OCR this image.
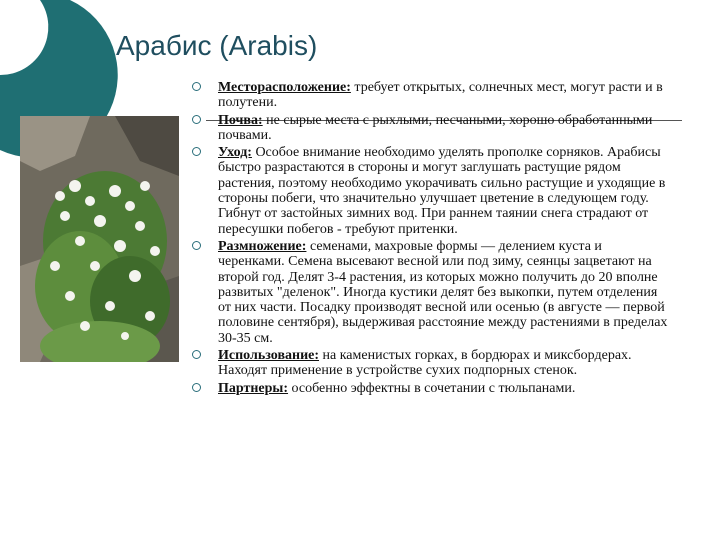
Арабис (Arabis)
Месторасположение: требует открытых, солнечных мест, могут расти и в полутени.
Почва: не сырые места с рыхлыми, песчаными, хорошо обработанными почвами.
Уход: Особое внимание необходимо уделять прополке сорняков. Арабисы быстро разрастаются в стороны и могут заглушать растущие рядом растения, поэтому необходимо укорачивать сильно растущие и уходящие в стороны побеги, что значительно улучшает цветение в следующем году. Гибнут от застойных зимних вод. При раннем таянии снега страдают от пересушки побегов - требуют притенки.
Размножение: семенами, махровые формы — делением куста и черенками. Семена высевают весной или под зиму, сеянцы зацветают на второй год. Делят 3-4 растения, из которых можно получить до 20 вполне развитых "деленок". Иногда кустики делят без выкопки, путем отделения от них части. Посадку производят весной или осенью (в августе — первой половине сентября), выдерживая расстояние между растениями в пределах 30-35 см.
Использование: на каменистых горках, в бордюрах и миксбордерах. Находят применение в устройстве сухих подпорных стенок.
Партнеры: особенно эффектны в сочетании с тюльпанами.
